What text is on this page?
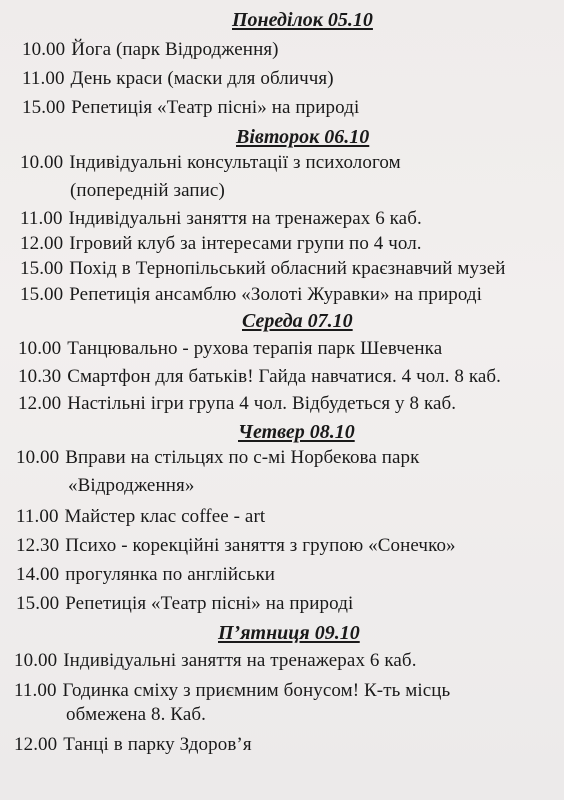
Понеділок 05.10
10.00 Йога (парк Відродження)
11.00 День краси (маски для обличчя)
15.00 Репетиція «Театр пісні» на природі
Вівторок 06.10
10.00 Індивідуальні консультації з психологом
(попередній запис)
11.00 Індивідуальні заняття на тренажерах 6 каб.
12.00 Ігровий клуб за інтересами групи по 4 чол.
15.00 Похід в Тернопільський обласний краєзнавчий музей
15.00 Репетиція ансамблю «Золоті Журавки» на природі
Середа 07.10
10.00 Танцювально - рухова терапія парк Шевченка
10.30 Смартфон для батьків! Гайда навчатися. 4 чол. 8 каб.
12.00 Настільні ігри група 4 чол. Відбудеться у 8 каб.
Четвер 08.10
10.00 Вправи на стільцях по с-мі Норбекова парк
«Відродження»
11.00 Майстер клас coffee - art
12.30 Психо - корекційні заняття з групою «Сонечко»
14.00 прогулянка по англійськи
15.00 Репетиція «Театр пісні» на природі
П’ятниця 09.10
10.00 Індивідуальні заняття на тренажерах 6 каб.
11.00 Годинка сміху з приємним бонусом! К-ть місць
обмежена 8. Каб.
12.00 Танці в парку Здоров’я
